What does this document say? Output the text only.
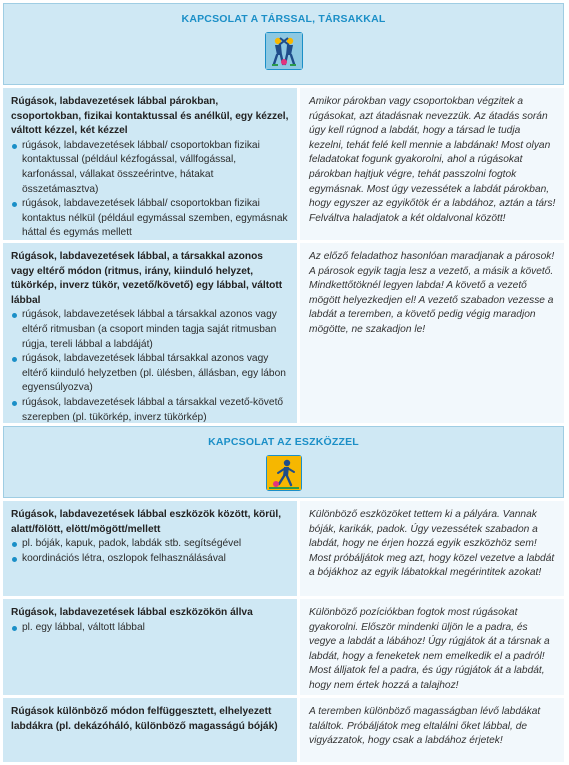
KAPCSOLAT A TÁRSSAL, TÁRSAKKAL
Rúgások, labdavezetések lábbal párokban, csoportokban, fizikai kontaktussal és anélkül, egy kézzel, váltott kézzel, két kézzel
rúgások, labdavezetések lábbal/ csoportokban fizikai kontaktussal (például kézfogással, vállfogással, karfonással, vállakat összeérintve, hátakat összetámasztva)
rúgások, labdavezetések lábbal/ csoportokban fizikai kontaktus nélkül (például egymással szemben, egymásnak háttal és egymás mellett
Amikor párokban vagy csoportokban végzitek a rúgásokat, azt átadásnak nevezzük. Az átadás során úgy kell rúgnod a labdát, hogy a társad le tudja kezelni, tehát felé kell mennie a labdának! Most olyan feladatokat fogunk gyakorolni, ahol a rúgásokat párokban hajtjuk végre, tehát passzolni fogtok egymásnak. Most úgy vezessétek a labdát párokban, hogy egyszer az egyikőtök ér a labdához, aztán a társ! Felváltva haladjatok a két oldalvonal között!
Rúgások, labdavezetések lábbal, a társakkal azonos vagy eltérő módon (ritmus, irány, kiinduló helyzet, tükörkép, inverz tükör, vezető/követő) egy lábbal, váltott lábbal
rúgások, labdavezetések lábbal a társakkal azonos vagy eltérő ritmusban (a csoport minden tagja saját ritmusban rúgja, tereli lábbal a labdáját)
rúgások, labdavezetések lábbal társakkal azonos vagy eltérő kiinduló helyzetben (pl. ülésben, állásban, egy lábon egyensúlyozva)
rúgások, labdavezetések lábbal a társakkal vezető-követő szerepben (pl. tükörkép, inverz tükörkép)
Az előző feladathoz hasonlóan maradjanak a párosok! A párosok egyik tagja lesz a vezető, a másik a követő. Mindkettőtöknél legyen labda! A követő a vezető mögött helyezkedjen el! A vezető szabadon vezesse a labdát a teremben, a követő pedig végig maradjon mögötte, ne szakadjon le!
KAPCSOLAT AZ ESZKÖZZEL
Rúgások, labdavezetések lábbal eszközök között, körül, alatt/fölött, elött/mögött/mellett
pl. bóják, kapuk, padok, labdák stb. segítségével
koordinációs létra, oszlopok felhasználásával
Különböző eszközöket tettem ki a pályára. Vannak bóják, karikák, padok. Úgy vezessétek szabadon a labdát, hogy ne érjen hozzá egyik eszközhöz sem! Most próbáljátok meg azt, hogy közel vezetve a labdát a bójákhoz az egyik lábatokkal megérintitek azokat!
Rúgások, labdavezetések lábbal eszközökön állva
pl. egy lábbal, váltott lábbal
Különböző pozíciókban fogtok most rúgásokat gyakorolni. Először mindenki üljön le a padra, és vegye a labdát a lábához! Úgy rúgjátok át a társnak a labdát, hogy a feneketek nem emelkedik el a padról! Most álljatok fel a padra, és úgy rúgjátok át a labdát, hogy nem értek hozzá a talajhoz!
Rúgások különböző módon felfüggesztett, elhelyezett labdákra (pl. dekázóháló, különböző magasságú bóják)
A teremben különböző magasságban lévő labdákat találtok. Próbáljátok meg eltalálni őket lábbal, de vigyázzatok, hogy csak a labdához érjetek!
